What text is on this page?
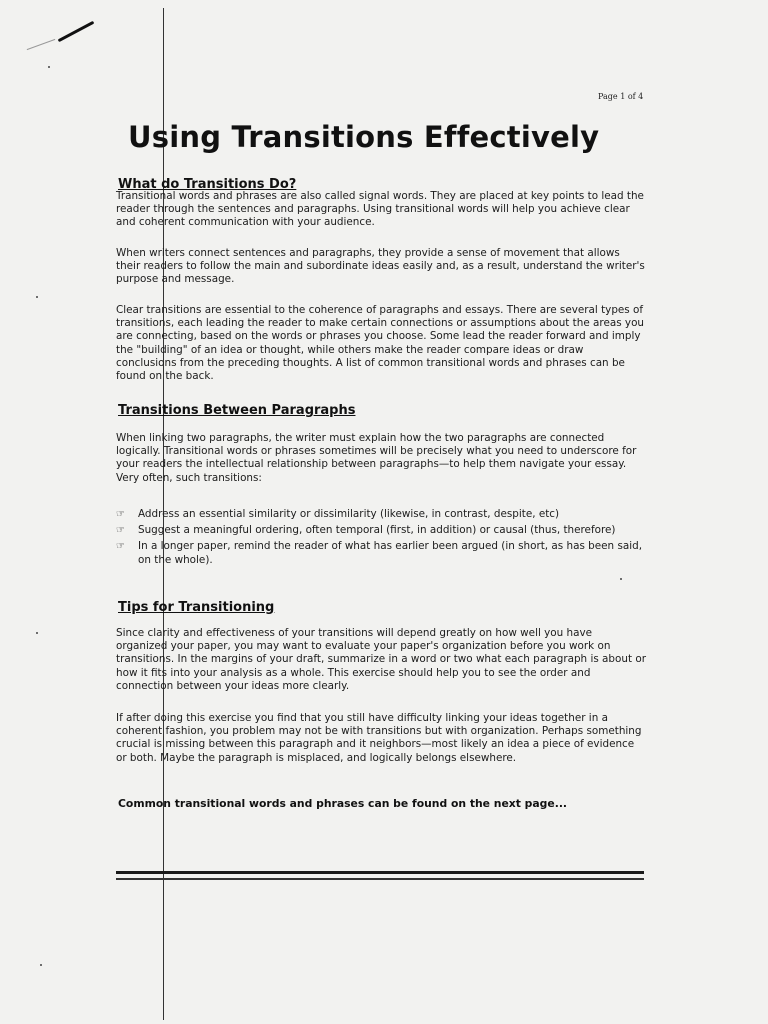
Page 1 of 4
Using Transitions Effectively
What do Transitions Do?

Transitional words and phrases are also called signal words. They are placed at key points to lead the reader through the sentences and paragraphs. Using transitional words will help you achieve clear and coherent communication with your audience.

When writers connect sentences and paragraphs, they provide a sense of movement that allows their readers to follow the main and subordinate ideas easily and, as a result, understand the writer's purpose and message.

Clear transitions are essential to the coherence of paragraphs and essays. There are several types of transitions, each leading the reader to make certain connections or assumptions about the areas you are connecting, based on the words or phrases you choose. Some lead the reader forward and imply the "building" of an idea or thought, while others make the reader compare ideas or draw conclusions from the preceding thoughts. A list of common transitional words and phrases can be found on the back.

Transitions Between Paragraphs

When linking two paragraphs, the writer must explain how the two paragraphs are connected logically. Transitional words or phrases sometimes will be precisely what you need to underscore for your readers the intellectual relationship between paragraphs—to help them navigate your essay. Very often, such transitions:

☞ Address an essential similarity or dissimilarity (likewise, in contrast, despite, etc)
☞ Suggest a meaningful ordering, often temporal (first, in addition) or causal (thus, therefore)
☞ In a longer paper, remind the reader of what has earlier been argued (in short, as has been said, on the whole).
Tips for Transitioning

Since clarity and effectiveness of your transitions will depend greatly on how well you have organized your paper, you may want to evaluate your paper's organization before you work on transitions. In the margins of your draft, summarize in a word or two what each paragraph is about or how it fits into your analysis as a whole. This exercise should help you to see the order and connection between your ideas more clearly.

If after doing this exercise you find that you still have difficulty linking your ideas together in a coherent fashion, you problem may not be with transitions but with organization. Perhaps something crucial is missing between this paragraph and it neighbors—most likely an idea a piece of evidence or both. Maybe the paragraph is misplaced, and logically belongs elsewhere.

Common transitional words and phrases can be found on the next page...
